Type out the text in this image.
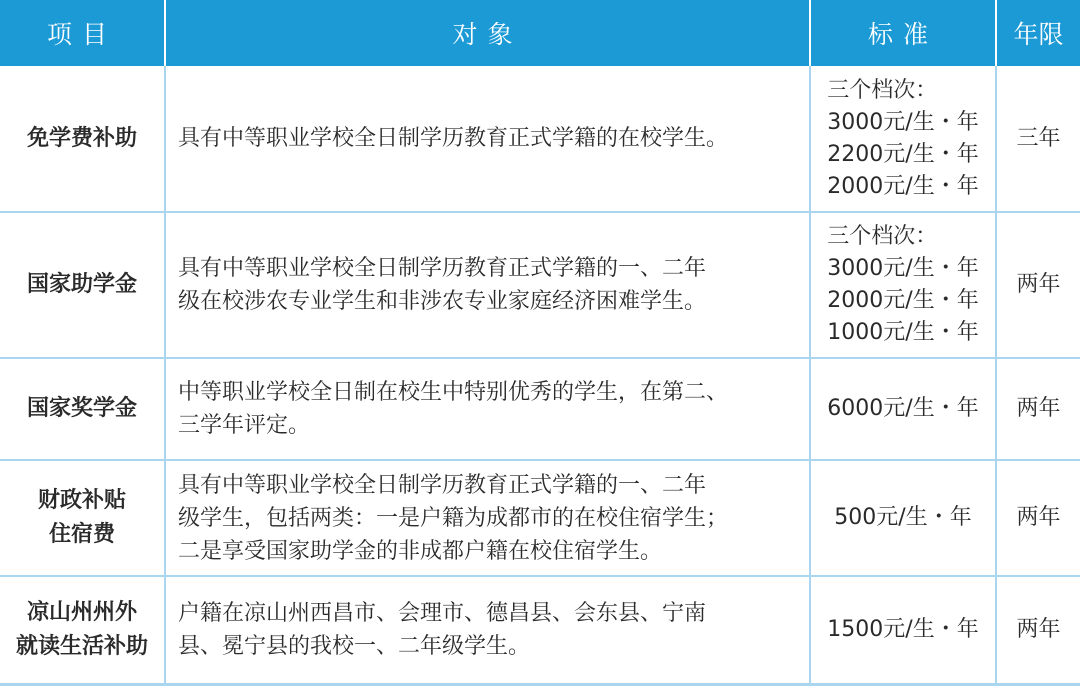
项目	对象	标准	年限

免学费补助	具有中等职业学校全日制学历教育正式学籍的在校学生。	三个档次：
3000元/生・年
2200元/生・年
2000元/生・年	三年

国家助学金	具有中等职业学校全日制学历教育正式学籍的一、二年
级在校涉农专业学生和非涉农专业家庭经济困难学生。	三个档次：
3000元/生・年
2000元/生・年
1000元/生・年	两年

国家奖学金	中等职业学校全日制在校生中特别优秀的学生，在第二、
三学年评定。	6000元/生・年	两年

财政补贴
住宿费	具有中等职业学校全日制学历教育正式学籍的一、二年
级学生，包括两类：一是户籍为成都市的在校住宿学生；
二是享受国家助学金的非成都户籍在校住宿学生。	500元/生・年	两年

凉山州州外
就读生活补助	户籍在凉山州西昌市、会理市、德昌县、会东县、宁南
县、冕宁县的我校一、二年级学生。	1500元/生・年	两年
